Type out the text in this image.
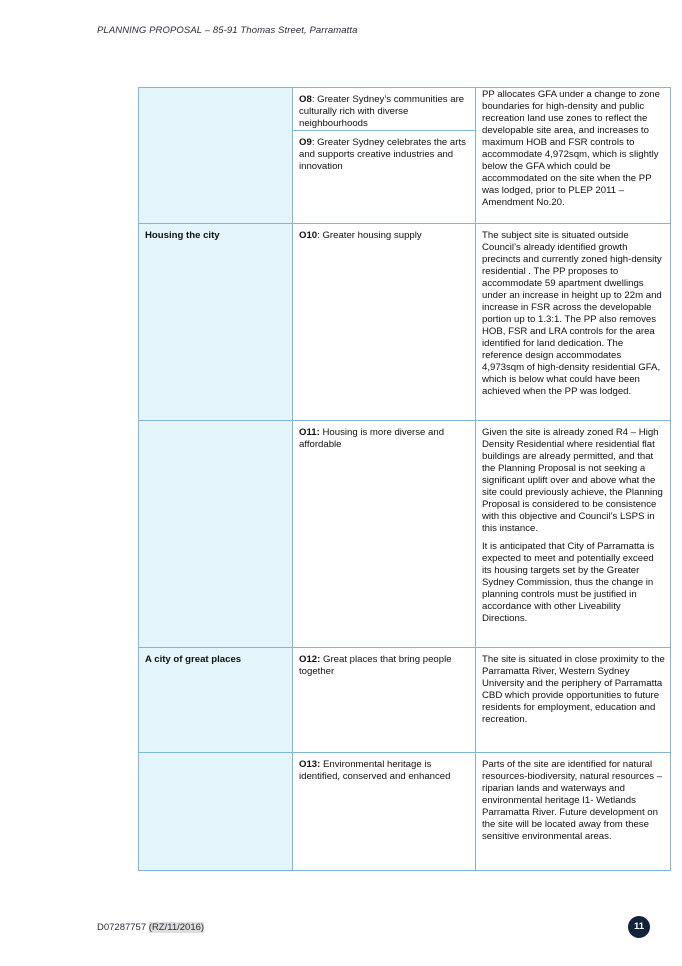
PLANNING PROPOSAL – 85-91 Thomas Street, Parramatta

	O8: Greater Sydney’s communities are culturally rich with diverse neighbourhoods
O9: Greater Sydney celebrates the arts and supports creative industries and innovation	PP allocates GFA under a change to zone boundaries for high-density and public recreation land use zones to reflect the developable site area, and increases to maximum HOB and FSR controls to accommodate 4,972sqm, which is slightly below the GFA which could be accommodated on the site when the PP was lodged, prior to PLEP 2011 – Amendment No.20.

Housing the city	O10: Greater housing supply	The subject site is situated outside Council’s already identified growth precincts and currently zoned high-density residential . The PP proposes to accommodate 59 apartment dwellings under an increase in height up to 22m and increase in FSR across the developable portion up to 1.3:1. The PP also removes HOB, FSR and LRA controls for the area identified for land dedication. The reference design accommodates 4,973sqm of high-density residential GFA, which is below what could have been achieved when the PP was lodged.

	O11: Housing is more diverse and affordable	Given the site is already zoned R4 – High Density Residential where residential flat buildings are already permitted, and that the Planning Proposal is not seeking a significant uplift over and above what the site could previously achieve, the Planning Proposal is considered to be consistence with this objective and Council’s LSPS in this instance.

It is anticipated that City of Parramatta is expected to meet and potentially exceed its housing targets set by the Greater Sydney Commission, thus the change in planning controls must be justified in accordance with other Liveability Directions.

A city of great places	O12: Great places that bring people together	The site is situated in close proximity to the Parramatta River, Western Sydney University and the periphery of Parramatta CBD which provide opportunities to future residents for employment, education and recreation.

	O13: Environmental heritage is identified, conserved and enhanced	Parts of the site are identified for natural resources-biodiversity, natural resources – riparian lands and waterways and environmental heritage I1- Wetlands Parramatta River. Future development on the site will be located away from these sensitive environmental areas.

D07287757 (RZ/11/2016)	11
